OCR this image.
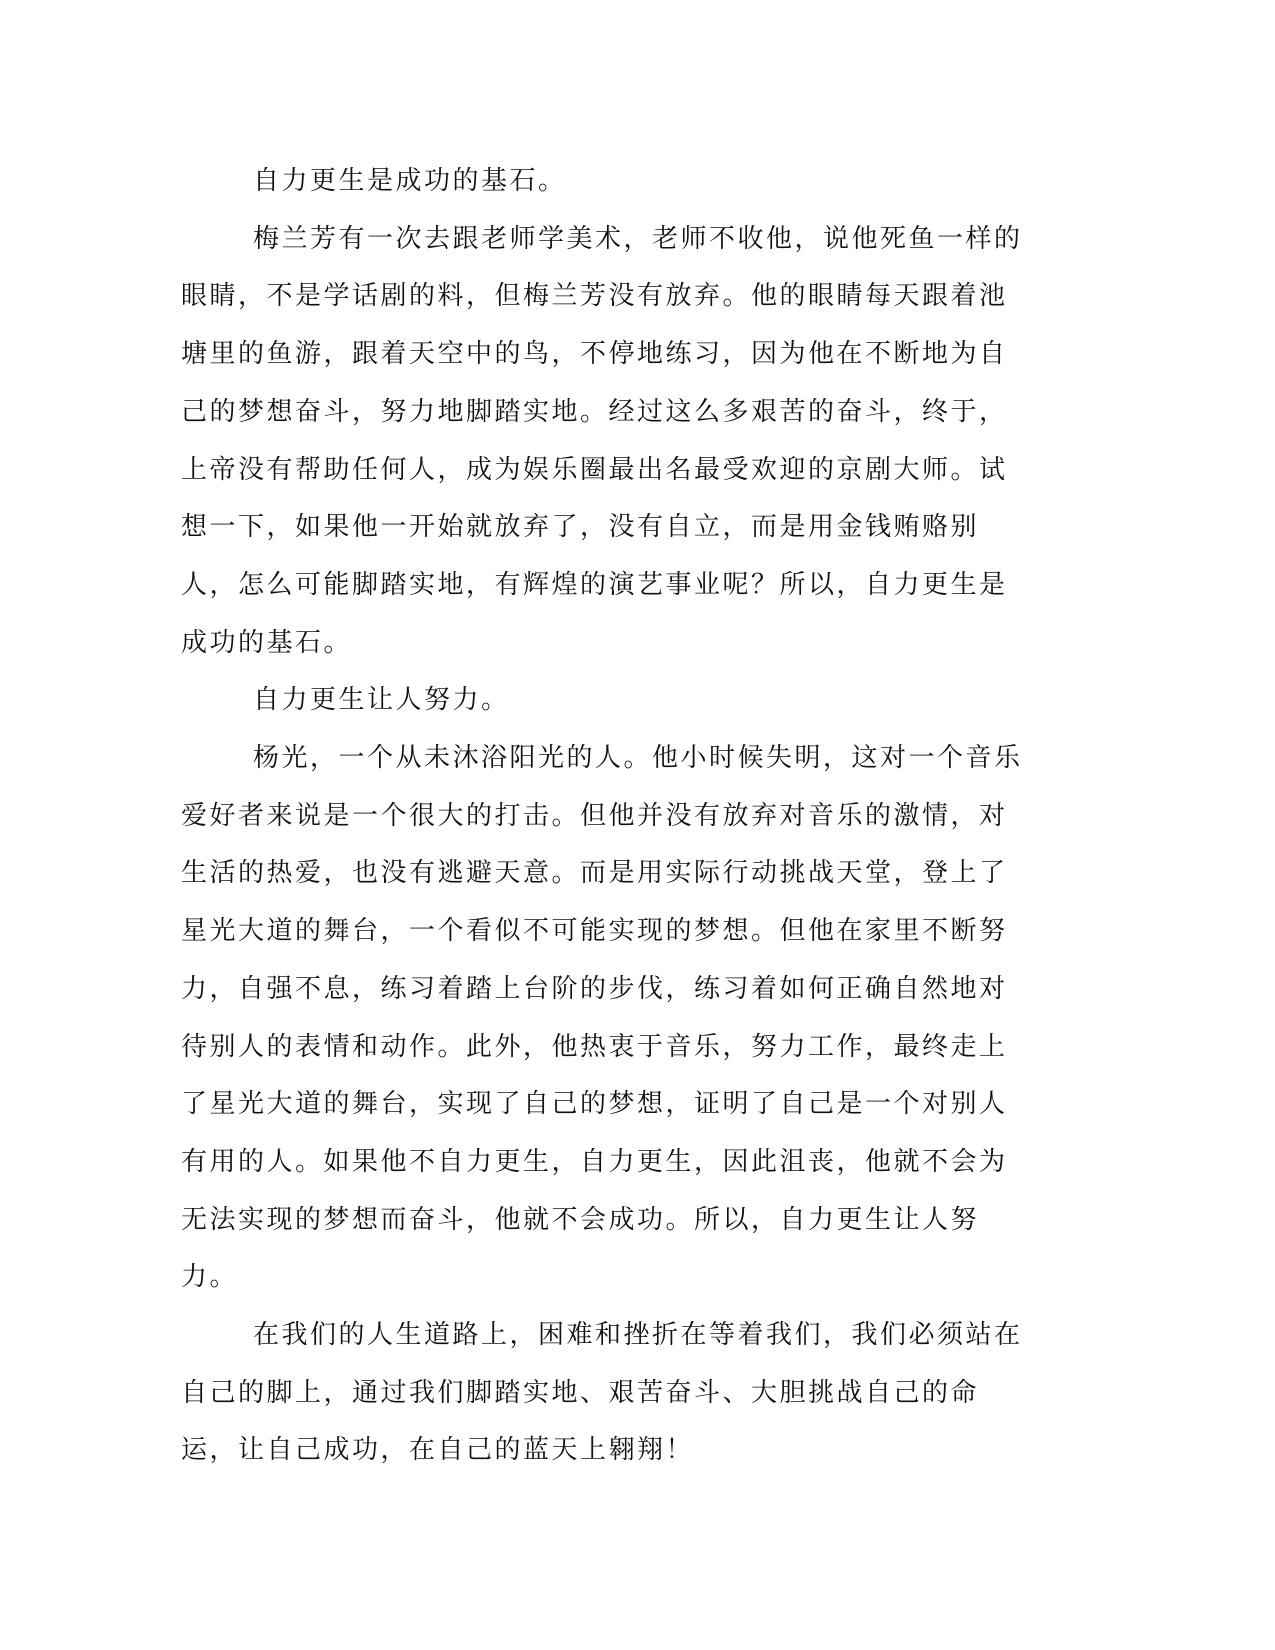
自力更生是成功的基石。

梅兰芳有一次去跟老师学美术，老师不收他，说他死鱼一样的眼睛，不是学话剧的料，但梅兰芳没有放弃。他的眼睛每天跟着池塘里的鱼游，跟着天空中的鸟，不停地练习，因为他在不断地为自己的梦想奋斗，努力地脚踏实地。经过这么多艰苦的奋斗，终于，上帝没有帮助任何人，成为娱乐圈最出名最受欢迎的京剧大师。试想一下，如果他一开始就放弃了，没有自立，而是用金钱贿赂别人，怎么可能脚踏实地，有辉煌的演艺事业呢？所以，自力更生是成功的基石。

自力更生让人努力。

杨光，一个从未沐浴阳光的人。他小时候失明，这对一个音乐爱好者来说是一个很大的打击。但他并没有放弃对音乐的激情，对生活的热爱，也没有逃避天意。而是用实际行动挑战天堂，登上了星光大道的舞台，一个看似不可能实现的梦想。但他在家里不断努力，自强不息，练习着踏上台阶的步伐，练习着如何正确自然地对待别人的表情和动作。此外，他热衷于音乐，努力工作，最终走上了星光大道的舞台，实现了自己的梦想，证明了自己是一个对别人有用的人。如果他不自力更生，自力更生，因此沮丧，他就不会为无法实现的梦想而奋斗，他就不会成功。所以，自力更生让人努力。

在我们的人生道路上，困难和挫折在等着我们，我们必须站在自己的脚上，通过我们脚踏实地、艰苦奋斗、大胆挑战自己的命运，让自己成功，在自己的蓝天上翱翔！
